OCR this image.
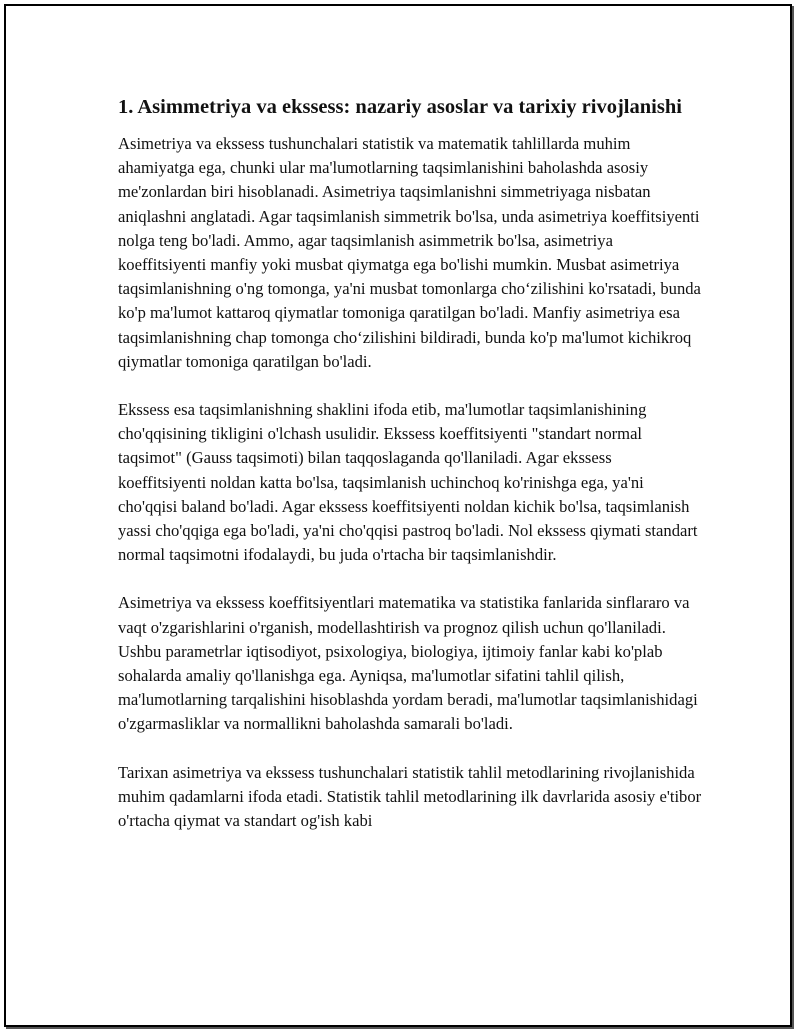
1. Asimmetriya va ekssess: nazariy asoslar va tarixiy rivojlanishi

Asimetriya va ekssess tushunchalari statistik va matematik tahlillarda muhim ahamiyatga ega, chunki ular ma'lumotlarning taqsimlanishini baholashda asosiy me'zonlardan biri hisoblanadi. Asimetriya taqsimlanishni simmetriyaga nisbatan aniqlashni anglatadi. Agar taqsimlanish simmetrik bo'lsa, unda asimetriya koeffitsiyenti nolga teng bo'ladi. Ammo, agar taqsimlanish asimmetrik bo'lsa, asimetriya koeffitsiyenti manfiy yoki musbat qiymatga ega bo'lishi mumkin. Musbat asimetriya taqsimlanishning o'ng tomonga, ya'ni musbat tomonlarga cho‘zilishini ko'rsatadi, bunda ko'p ma'lumot kattaroq qiymatlar tomoniga qaratilgan bo'ladi. Manfiy asimetriya esa taqsimlanishning chap tomonga cho‘zilishini bildiradi, bunda ko'p ma'lumot kichikroq qiymatlar tomoniga qaratilgan bo'ladi.

Ekssess esa taqsimlanishning shaklini ifoda etib, ma'lumotlar taqsimlanishining cho'qqisining tikligini o'lchash usulidir. Ekssess koeffitsiyenti "standart normal taqsimot" (Gauss taqsimoti) bilan taqqoslaganda qo'llaniladi. Agar ekssess koeffitsiyenti noldan katta bo'lsa, taqsimlanish uchinchoq ko'rinishga ega, ya'ni cho'qqisi baland bo'ladi. Agar ekssess koeffitsiyenti noldan kichik bo'lsa, taqsimlanish yassi cho'qqiga ega bo'ladi, ya'ni cho'qqisi pastroq bo'ladi. Nol ekssess qiymati standart normal taqsimotni ifodalaydi, bu juda o'rtacha bir taqsimlanishdir.

Asimetriya va ekssess koeffitsiyentlari matematika va statistika fanlarida sinflararo va vaqt o'zgarishlarini o'rganish, modellashtirish va prognoz qilish uchun qo'llaniladi. Ushbu parametrlar iqtisodiyot, psixologiya, biologiya, ijtimoiy fanlar kabi ko'plab sohalarda amaliy qo'llanishga ega. Ayniqsa, ma'lumotlar sifatini tahlil qilish, ma'lumotlarning tarqalishini hisoblashda yordam beradi, ma'lumotlar taqsimlanishidagi o'zgarmasliklar va normallikni baholashda samarali bo'ladi.

Tarixan asimetriya va ekssess tushunchalari statistik tahlil metodlarining rivojlanishida muhim qadamlarni ifoda etadi. Statistik tahlil metodlarining ilk davrlarida asosiy e'tibor o'rtacha qiymat va standart og'ish kabi
